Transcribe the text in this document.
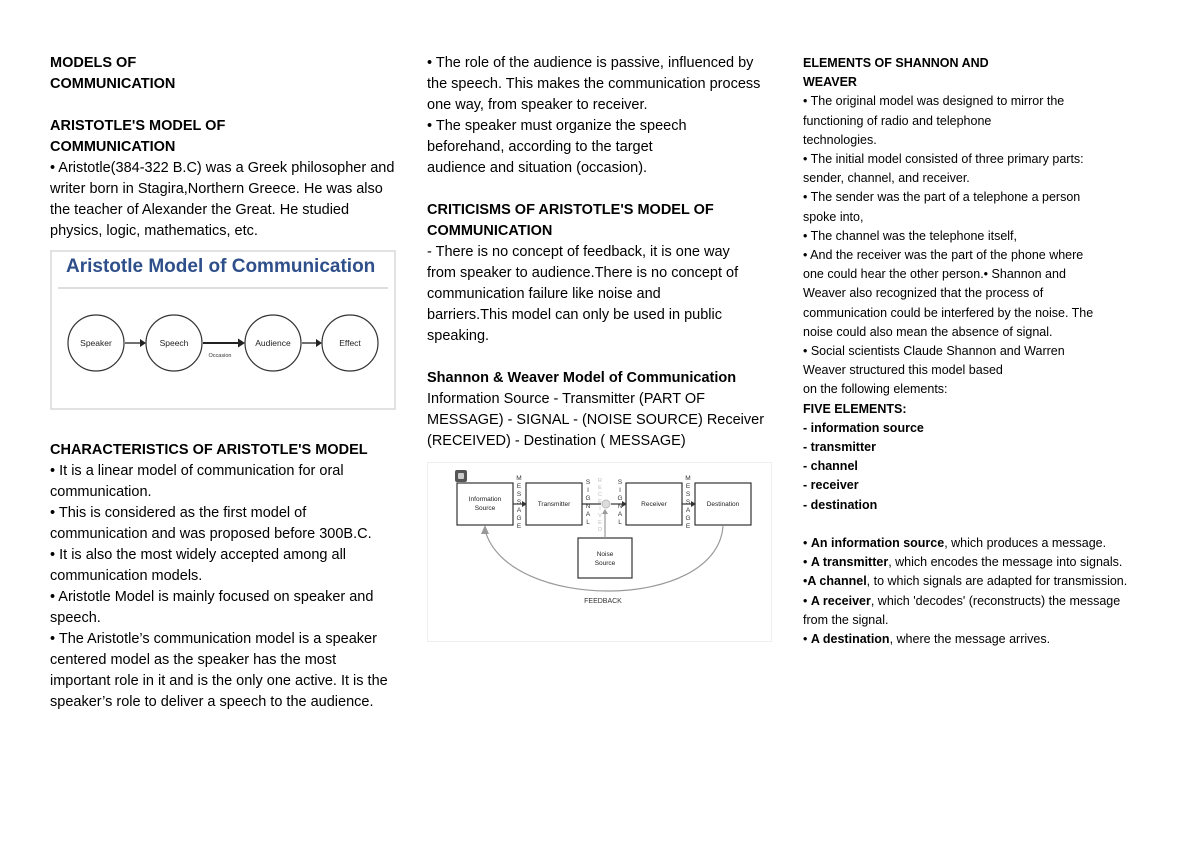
MODELS OF

COMMUNICATION

ARISTOTLE'S MODEL OF

COMMUNICATION

• Aristotle(384-322 B.C) was a Greek philosopher and writer born in Stagira,Northern Greece. He was also the teacher of Alexander the Great. He studied physics, logic, mathematics, etc.

Speaker	Speech	Audience	Effect
Occasion
Aristotle Model of Communication

CHARACTERISTICS OF ARISTOTLE'S MODEL

• It is a linear model of communication for oral communication.

• This is considered as the first model of communication and was proposed before 300B.C.

• It is also the most widely accepted among all communication models.

• Aristotle Model is mainly focused on speaker and speech.

• The Aristotle’s communication model is a speaker centered model as the speaker has the most important role in it and is the only one active. It is the speaker’s role to deliver a speech to the audience.

• The role of the audience is passive, influenced by the speech. This makes the communication process one way, from speaker to receiver.

• The speaker must organize the speech

beforehand, according to the target

audience and situation (occasion).

CRITICISMS OF ARISTOTLE'S MODEL OF

COMMUNICATION

- There is no concept of feedback, it is one way

from speaker to audience.There is no concept of

communication failure like noise and

barriers.This model can only be used in public

speaking.

Shannon & Weaver Model of Communication

Information Source - Transmitter (PART OF

MESSAGE) - SIGNAL - (NOISE SOURCE) Receiver

(RECEIVED) - Destination ( MESSAGE)

Information
Source
Transmitter	Receiver	Destination
Noise
Source
M E S S A G E
S I G N A L
R E C E I V E D
S I G N A L
M E S S A G E
FEEDBACK

ELEMENTS OF SHANNON AND

WEAVER

• The original model was designed to mirror the

functioning of radio and telephone

technologies.

• The initial model consisted of three primary parts:

sender, channel, and receiver.

• The sender was the part of a telephone a person

spoke into,

• The channel was the telephone itself,

• And the receiver was the part of the phone where

one could hear the other person.• Shannon and

Weaver also recognized that the process of

communication could be interfered by the noise. The

noise could also mean the absence of signal.

• Social scientists Claude Shannon and Warren

Weaver structured this model based

on the following elements:

FIVE ELEMENTS:

- information source

- transmitter

- channel

- receiver

- destination

• An information source, which produces a message.

• A transmitter, which encodes the message into signals.

•A channel, to which signals are adapted for transmission.

• A receiver, which 'decodes' (reconstructs) the message from the signal.

• A destination, where the message arrives.
